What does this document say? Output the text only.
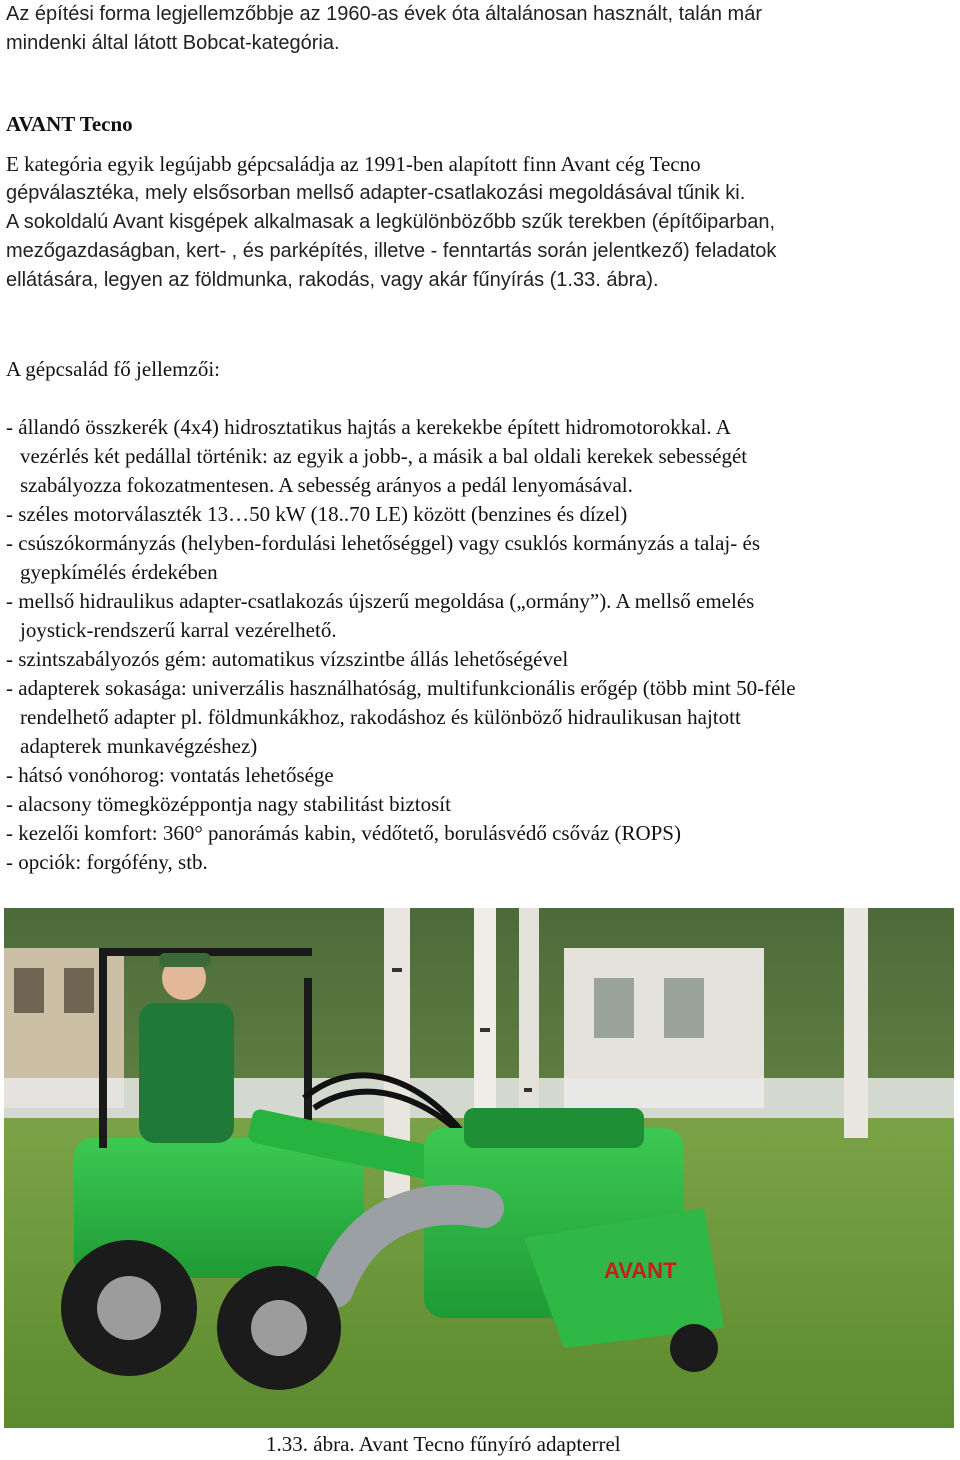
Az építési forma legjellemzőbbje az 1960-as évek óta általánosan használt, talán már
mindenki által látott Bobcat-kategória.
AVANT Tecno
E kategória egyik legújabb gépcsaládja az 1991-ben alapított finn Avant cég Tecno
gépválasztéka, mely elsősorban mellső adapter-csatlakozási megoldásával tűnik ki.
A sokoldalú Avant kisgépek alkalmasak a legkülönbözőbb szűk terekben (építőiparban,
mezőgazdaságban, kert- , és parképítés, illetve - fenntartás során jelentkező) feladatok
ellátására, legyen az földmunka, rakodás, vagy akár fűnyírás (1.33. ábra).
A gépcsalád fő jellemzői:
- állandó összkerék (4x4) hidrosztatikus hajtás a kerekekbe épített hidromotorokkal. A
vezérlés két pedállal történik: az egyik a jobb-, a másik a bal oldali kerekek sebességét
szabályozza fokozatmentesen. A sebesség arányos a pedál lenyomásával.
- széles motorválaszték 13…50 kW (18..70 LE) között (benzines és dízel)
- csúszókormányzás (helyben-fordulási lehetőséggel) vagy csuklós kormányzás a talaj- és
gyepkímélés érdekében
- mellső hidraulikus adapter-csatlakozás újszerű megoldása („ormány”). A mellső emelés
joystick-rendszerű karral vezérelhető.
- szintszabályozós gém: automatikus vízszintbe állás lehetőségével
- adapterek sokasága: univerzális használhatóság, multifunkcionális erőgép (több mint 50-féle
rendelhető adapter pl. földmunkákhoz, rakodáshoz és különböző hidraulikusan hajtott
adapterek munkavégzéshez)
- hátsó vonóhorog: vontatás lehetősége
- alacsony tömegközéppontja nagy stabilitást biztosít
- kezelői komfort: 360° panorámás kabin, védőtető, borulásvédő csőváz (ROPS)
- opciók: forgófény, stb.
AVANT
1.33. ábra. Avant Tecno fűnyíró adapterrel
